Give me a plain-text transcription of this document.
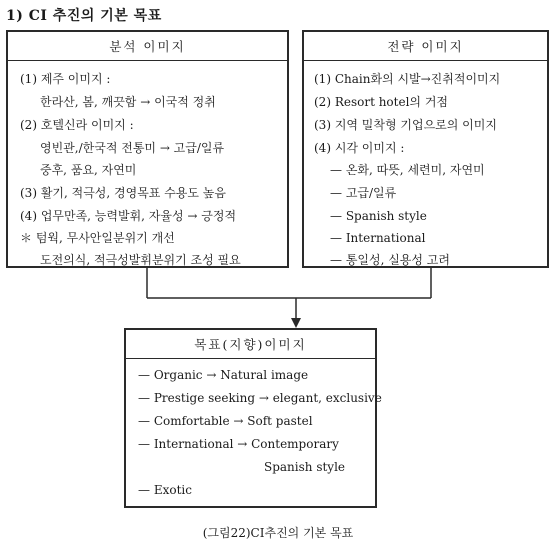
1) CI 추진의 기본 목표
분석 이미지
(1) 제주 이미지 :
한라산, 봄, 깨끗함 → 이국적 정취
(2) 호텔신라 이미지 :
영빈관,/한국적 전통미 → 고급/일류
중후, 품요, 자연미
(3) 활기, 적극성, 경영목표 수용도 높음
(4) 업무만족, 능력발휘, 자율성 → 긍정적
＊ 텀웍, 무사안일분위기 개선
도전의식, 적극성발휘분위기 조성 필요
전략 이미지
(1) Chain화의 시발→진취적이미지
(2) Resort hotel의 거점
(3) 지역 밀착형 기업으로의 이미지
(4) 시각 이미지 :
— 온화, 따뜻, 세련미, 자연미
— 고급/일류
— Spanish style
— International
— 통일성, 실용성 고려
목표(지향)이미지
— Organic → Natural image
— Prestige seeking → elegant, exclusive
— Comfortable → Soft pastel
— International → Contemporary
Spanish style
— Exotic
(그림22)CI추진의 기본 목표
